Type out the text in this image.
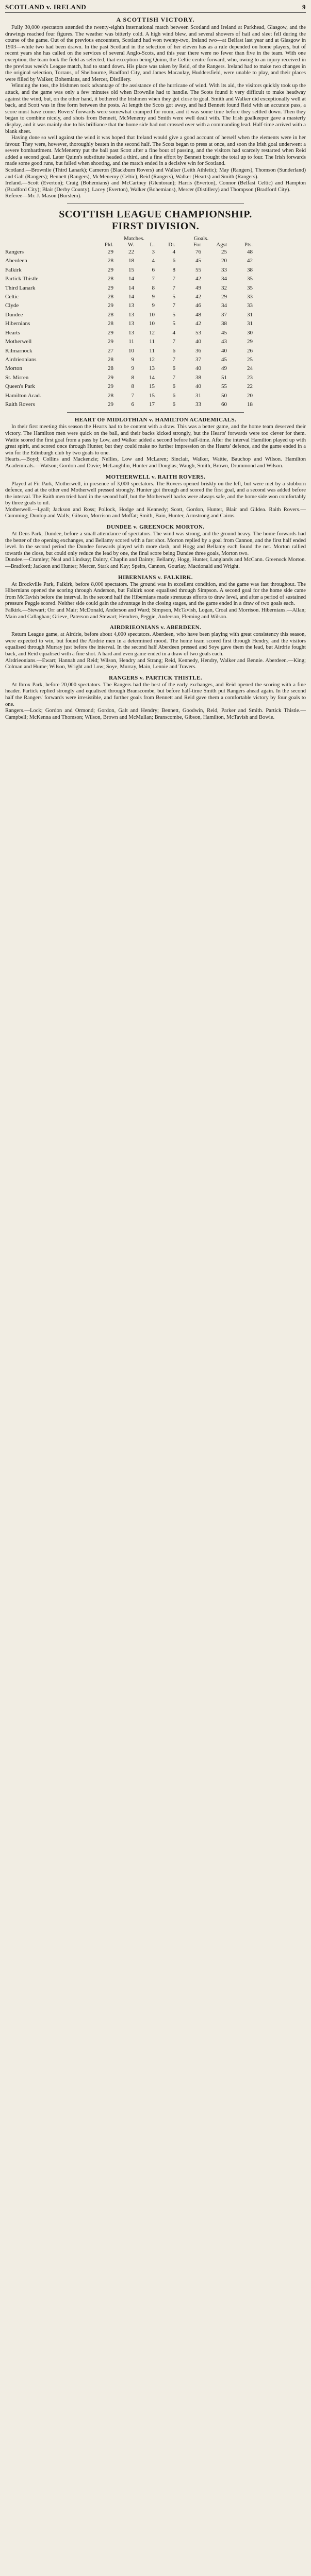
SCOTLAND v. IRELAND	9
A SCOTTISH VICTORY.

Fully 30,000 spectators attended the twenty-eighth international match between Scotland and Ireland at Parkhead, Glasgow, and the drawings reached four figures. The weather was bitterly cold. A high wind blew, and several showers of hail and sleet fell during the course of the game. Out of the previous encounters, Scotland had won twenty-two, Ireland two—at Belfast last year and at Glasgow in 1903—while two had been drawn. In the past Scotland in the selection of her eleven has as a rule depended on home players, but of recent years she has called on the services of several Anglo-Scots, and this year there were no fewer than five in the team. With one exception, the team took the field as selected, that exception being Quinn, the Celtic centre forward, who, owing to an injury received in the previous week's League match, had to stand down. His place was taken by Reid, of the Rangers. Ireland had to make two changes in the original selection, Torrans, of Shelbourne, Bradford City, and James Macaulay, Huddersfield, were unable to play, and their places were filled by Walker, Bohemians, and Mercer, Distillery.

Winning the toss, the Irishmen took advantage of the assistance of the hurricane of wind. With its aid, the visitors quickly took up the attack, and the game was only a few minutes old when Brownlie had to handle. The Scots found it very difficult to make headway against the wind, but, on the other hand, it bothered the Irishmen when they got close to goal. Smith and Walker did exceptionally well at back, and Scott was in fine form between the posts. At length the Scots got away, and had Bennett found Reid with an accurate pass, a score must have come. Rovers' forwards were somewhat cramped for room, and it was some time before they settled down. Then they began to combine nicely, and shots from Bennett, McMenemy and Smith were well dealt with. The Irish goalkeeper gave a masterly display, and it was mainly due to his brilliance that the home side had not crossed over with a commanding lead. Half-time arrived with a blank sheet.

Having done so well against the wind it was hoped that Ireland would give a good account of herself when the elements were in her favour. They were, however, thoroughly beaten in the second half. The Scots began to press at once, and soon the Irish goal underwent a severe bombardment. McMenemy put the ball past Scott after a fine bout of passing, and the visitors had scarcely restarted when Reid added a second goal. Later Quinn's substitute headed a third, and a fine effort by Bennett brought the total up to four. The Irish forwards made some good runs, but failed when shooting, and the match ended in a decisive win for Scotland.

Scotland.—Brownlie (Third Lanark); Cameron (Blackburn Rovers) and Walker (Leith Athletic); May (Rangers), Thomson (Sunderland) and Galt (Rangers); Bennett (Rangers), McMenemy (Celtic), Reid (Rangers), Walker (Hearts) and Smith (Rangers).

Ireland.—Scott (Everton); Craig (Bohemians) and McCartney (Glentoran); Harris (Everton), Connor (Belfast Celtic) and Hampton (Bradford City); Blair (Derby County), Lacey (Everton), Walker (Bohemians), Mercer (Distillery) and Thompson (Bradford City).

Referee—Mr. J. Mason (Burslem).

SCOTTISH LEAGUE CHAMPIONSHIP.
FIRST DIVISION.
Matches.	Goals.
Pld.	W.	L.	Dr.	For	Agst	Pts.
Rangers	29	22	3	4	76	25	48
Aberdeen	28	18	4	6	45	20	42
Falkirk	29	15	6	8	55	33	38
Partick Thistle	28	14	7	7	42	34	35
Third Lanark	29	14	8	7	49	32	35
Celtic	28	14	9	5	42	29	33
Clyde	29	13	9	7	46	34	33
Dundee	28	13	10	5	48	37	31
Hibernians	28	13	10	5	42	38	31
Hearts	29	13	12	4	53	45	30
Motherwell	29	11	11	7	40	43	29
Kilmarnock	27	10	11	6	36	40	26
Airdrieonians	28	9	12	7	37	45	25
Morton	28	9	13	6	40	49	24
St. Mirren	29	8	14	7	38	51	23
Queen's Park	29	8	15	6	40	55	22
Hamilton Acad.	28	7	15	6	31	50	20
Raith Rovers	29	6	17	6	33	60	18
HEART OF MIDLOTHIAN v. HAMILTON ACADEMICALS.

In their first meeting this season the Hearts had to be content with a draw. This was a better game, and the home team deserved their victory. The Hamilton men were quick on the ball, and their backs kicked strongly, but the Hearts' forwards were too clever for them. Wattie scored the first goal from a pass by Low, and Walker added a second before half-time. After the interval Hamilton played up with great spirit, and scored once through Hunter, but they could make no further impression on the Hearts' defence, and the game ended in a win for the Edinburgh club by two goals to one.

Hearts.—Boyd; Collins and Mackenzie; Nellies, Low and McLaren; Sinclair, Walker, Wattie, Bauchop and Wilson. Hamilton Academicals.—Watson; Gordon and Davie; McLaughlin, Hunter and Douglas; Waugh, Smith, Brown, Drummond and Wilson.

MOTHERWELL v. RAITH ROVERS.

Played at Fir Park, Motherwell, in presence of 3,000 spectators. The Rovers opened briskly on the left, but were met by a stubborn defence, and at the other end Motherwell pressed strongly. Hunter got through and scored the first goal, and a second was added before the interval. The Raith men tried hard in the second half, but the Motherwell backs were always safe, and the home side won comfortably by three goals to nil.

Motherwell.—Lyall; Jackson and Ross; Pollock, Hodge and Kennedy; Scott, Gordon, Hunter, Blair and Gildea. Raith Rovers.—Cumming; Dunlop and Walls; Gibson, Morrison and Moffat; Smith, Bain, Hunter, Armstrong and Cairns.

DUNDEE v. GREENOCK MORTON.

At Dens Park, Dundee, before a small attendance of spectators. The wind was strong, and the ground heavy. The home forwards had the better of the opening exchanges, and Bellamy scored with a fast shot. Morton replied by a goal from Cannon, and the first half ended level. In the second period the Dundee forwards played with more dash, and Hogg and Bellamy each found the net. Morton rallied towards the close, but could only reduce the lead by one, the final score being Dundee three goals, Morton two.

Dundee.—Crumley; Neal and Lindsay; Dainty, Chaplin and Dainty; Bellamy, Hogg, Hunter, Langlands and McCann. Greenock Morton.—Bradford; Jackson and Hunter; Mercer, Stark and Kay; Speirs, Cannon, Gourlay, Macdonald and Wright.

HIBERNIANS v. FALKIRK.

At Brockville Park, Falkirk, before 8,000 spectators. The ground was in excellent condition, and the game was fast throughout. The Hibernians opened the scoring through Anderson, but Falkirk soon equalised through Simpson. A second goal for the home side came from McTavish before the interval. In the second half the Hibernians made strenuous efforts to draw level, and after a period of sustained pressure Peggie scored. Neither side could gain the advantage in the closing stages, and the game ended in a draw of two goals each.

Falkirk.—Stewart; Orr and Mair; McDonald, Anderson and Ward; Simpson, McTavish, Logan, Croal and Morrison. Hibernians.—Allan; Main and Callaghan; Grieve, Paterson and Stewart; Hendren, Peggie, Anderson, Fleming and Wilson.

AIRDRIEONIANS v. ABERDEEN.

Return League game, at Airdrie, before about 4,000 spectators. Aberdeen, who have been playing with great consistency this season, were expected to win, but found the Airdrie men in a determined mood. The home team scored first through Hendry, and the visitors equalised through Murray just before the interval. In the second half Aberdeen pressed and Soye gave them the lead, but Airdrie fought back, and Reid equalised with a fine shot. A hard and even game ended in a draw of two goals each.

Airdrieonians.—Ewart; Hannah and Reid; Wilson, Hendry and Strang; Reid, Kennedy, Hendry, Walker and Bennie. Aberdeen.—King; Colman and Hume; Wilson, Wright and Low; Soye, Murray, Main, Lennie and Travers.

RANGERS v. PARTICK THISTLE.

At Ibrox Park, before 20,000 spectators. The Rangers had the best of the early exchanges, and Reid opened the scoring with a fine header. Partick replied strongly and equalised through Branscombe, but before half-time Smith put Rangers ahead again. In the second half the Rangers' forwards were irresistible, and further goals from Bennett and Reid gave them a comfortable victory by four goals to one.

Rangers.—Lock; Gordon and Ormond; Gordon, Galt and Hendry; Bennett, Goodwin, Reid, Parker and Smith. Partick Thistle.—Campbell; McKenna and Thomson; Wilson, Brown and McMullan; Branscombe, Gibson, Hamilton, McTavish and Bowie.
